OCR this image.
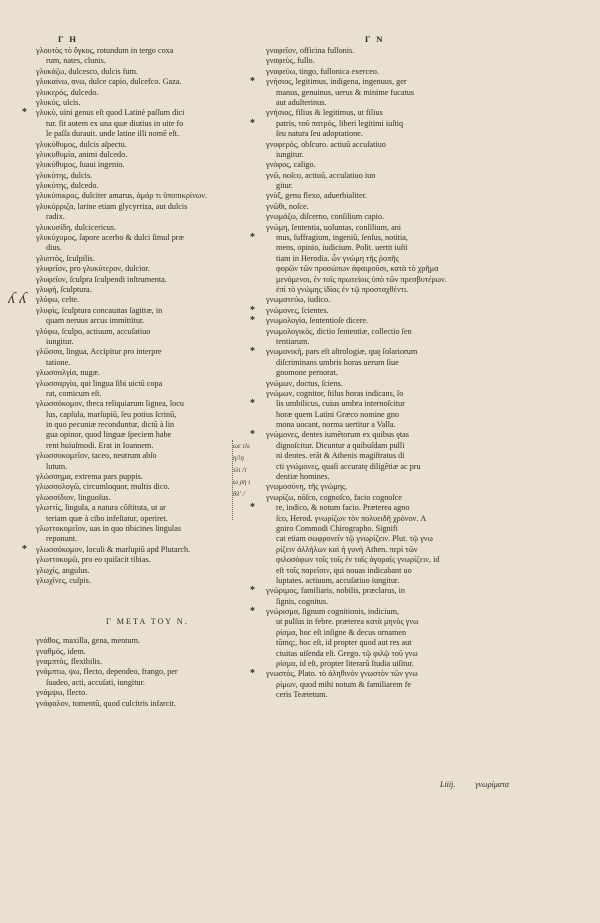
Γ Η	Γ Ν
ʎ ʎ
γλουτὸς τὸ ὄγκος, rotundum in tergo coxa
rum, nates, clunis.
γλυκάζω, dulcesco, dulcis fum.
γλυκαίνω, ανω, dulce capio, dulcefco. Gaza.
γλυκερός, dulcedo.
γλυκύς, ulcis.
* γλυκὺ, uini genus eſt quod Latinè paſſum dici
tur. fit autem ex una quæ diutius in uite fo
le paſſa durauit. unde latine illi nomē eſt.
γλυκύθυμος, dulcis aſpectu.
γλυκυθυμία, animi dulcedo.
γλυκύθυμος, ſuaui ingenio.
γλυκύτης, dulcis.
γλυκύτης, dulcedo.
γλυκύπικρος, dulciter amarus, ἀμάρ τι ὑποπικρίνων.
γλυκύρριζα, larine etiam glycyrriza, aut dulcis
radix.
γλυκυσίδη, dulcicericus.
γλυκύχυμος, ſapore acerbo & dulci ſimul præ
dius.
γλυπτὸς, ſculpilis.
γλυφεῖον, pro γλυκύτερον, dulcior.
γλυφεῖον, ſculpra ſculpendi inſtrumenta.
γλυφὴ, ſculptura.
γλύφω, celte.
γλυφὶς, ſculptura concauitas ſagittæ, in
quam neruus arcus immittitur.
γλύφω, ſculpo, actiuum, accuſatiuo
iungitur.
γλῶσσα, lingua, Accipitur pro interpre
tatione.
γλωσσαλγία, nugæ.
γλωσσαργία, qui lingua ſibi uictū copa
rat, comicum eſt.
γλωσσόκομον, theca reliquiarum lignea, locu
lus, capſula, marſupiū, ſeu potius ſcrinū,
in quo pecuniæ reconduntur, dictū à lin
gua opinor, quod linguæ ſpeciem habe
rent huiuſmodi. Erat in Ioannem.
γλωσσοκομεῖον, taceo, neutrum abſo
lutum.
γλώσσημα, extrema pars puppis.
γλωσσολογῶ, circumloquor, multis dico.
γλωσσίδιον, linguoſus.
γλωττίς, lingula, a natura cōſtituta, ut ar
teriam quæ à cibo infeſtatur, operiret.
γλωττοκομεῖον, uas in quo tibicines lingulas
reponunt.
* γλωσσόκομον, loculi & marſupiū apd Plutarch.
γλωττοκομῶ, pro eo quiſacit tibias.
γλωχὶς, angulus.
γλωχῖνες, cuſpis.
Γ ΜΕΤΑ ΤΟΥ Ν.
γνάθος, maxilla, gena, mentum.
γναθμός, idem.
γναμπτὸς, flexibilis.
γνάμπτω, ψω, flecto, dependeo, frango, per
ſuadeo, acti, accuſati, iungitur.
γνάμψω, flecto.
γνάφαλον, tomentū, quod culcitris infarcit.
γναφεῖον, officina fullonis.
γναφεὺς, fullo.
γναφεύω, tingo, fullonica exerceo.
* γνήσιος, legitimus, indigena, ingenuus, ger
manus, genuinus, uerus & minime fucatus
aut adulterinus.
γνήσιος, filius & legitimus, ut filius
*	patris, τοῦ πατρός, liberi legitimi iuſtiq
ſeu natura ſeu adoptatione.
γνοφερός, obſcuro. actiuū accuſatiuo
iungitur.
γνόφος, caligo.
γνῶ, noſco, actiuū, accuſatiuo iun
gitur.
γνὺξ, genu flexo, aduerbialiter.
γνῶθι, noſce.
γνωμάζω, diſcerno, conſilium capio.
γνώμη, ſententia, uoluntas, conſilium, ani
*	mus, ſuffragium, ingeniū, ſenſus, notitia,
mens, opinio, iudicium. Polit. uertit iuſti
tiam in Herodia. ὧν γνώμη τῆς ῥοπῆς
φορῶν τῶν προσώπων ἀφαιροῦσι, κατὰ τὸ χρῆμα
μενόμενοι, ἐν τοῖς πρωτείοις ὑπὸ τῶν πρεσβυτέρων.
ἐπὶ τὸ γνώμης ἰδίας ἐν τῷ προσταχθέντι.
γνωματεύω, iudico.
* γνώμονες, ſcientes.
* γνωμολογία, ſententioſe dicere.
γνωμολογικὸς, dictio ſententiæ, collectio ſen
tentiarum.
* γνωμονικὴ, pars eſt aſtrologiæ, quę ſolariorum
diſcriminans umbris horas uerum ſiue
gnomone pernorat.
γνώμων, doctus, ſciens.
γνώμων, cognitor, ſtilus horas indicans, ſo
*	lis umbilicus, cuius umbra internoſcitur
horæ quem Latini Græco nomine gno
mona uocant, norma uertitur a Valla.
* γνώμονες, dentes iumētorum ex quibus ętas
dignoſcitur. Dicuntur a quibuſdam pulli
ni dentes. erāt & Athenis magiſtratus di
cti γνώμονες, quaſi accuratę diligētiæ ac pru
dentiæ homines.
γνωμοσύνη, τῆς γνώμης.
γνωρίζω, nōſco, cognoſco, facio cognoſce
*	re, indico, & notum facio. Præterea agno
ſco, Herod. γνωρίζων τὸν πολυειδῆ χρόνον. A
gniro Commodi Chirographo. Signifi
cat etiam σωφρονεῖν τῷ γνωρίζειν. Plut. τῷ γνω
ρίζειν ἀλλήλων καὶ ἡ γυνὴ Athen. περὶ τῶν
φιλοσόφων τοῖς τοῖς ἐν ταῖς ἀγοραῖς γνωρίζειν, id
eſt τοῖς παρεῖσιν, qui nouas indicabant uo
luptates. actiuum, accuſatiuo iungitur.
* γνώριμος, familiaris, nobilis, præclarus, in
ſignis, cognitus.
* γνώρισμα, ſignum cognitionis, indicium,
ut pulſus in febre. præterea κατὰ μηνὸς γνω
ρίσμα, hoc eſt inſigne & decus ornamen
tūmq;, hoc eſt, id propter quod aut res aut
ciuitas uiſenda eſt. Grego. τῷ φιλῷ τοῦ γνω
ρίσμα, id eſt, propter literarū ſtudia uiſitur.
* γνωστὸς, Plato. τὸ ἀληθινὸν γνωστὸν τῶν γνω
ρίμων, quod mihi notum & familiarem fe
ceris Teætetum.
ωε τλι
η/\η
τλι /τ
ω ρη ι
θλ' /
Liiij.	γνωρίματα
